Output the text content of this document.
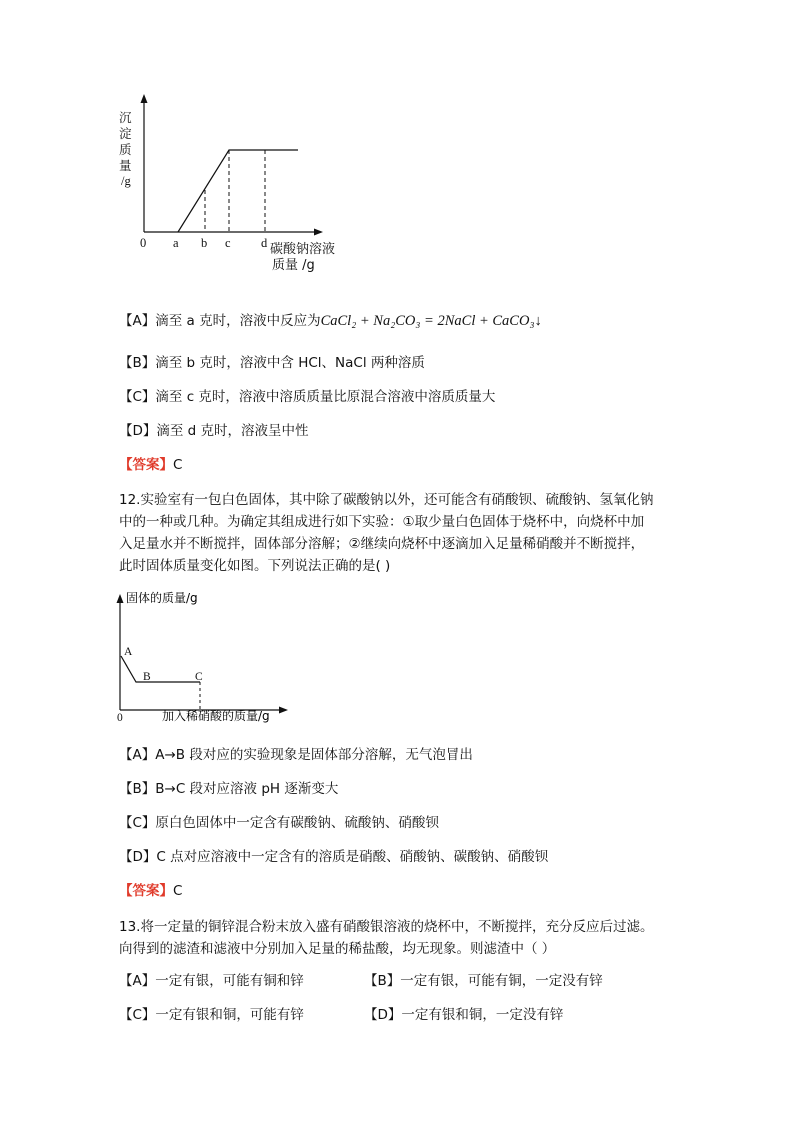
沉
淀
质
量
/g
0 a b c d 碳酸钠溶液
质量 /g
【A】滴至 a 克时，溶液中反应为CaCl₂ + Na₂CO₃ = 2NaCl + CaCO₃↓
【B】滴至 b 克时，溶液中含 HCl、NaCl 两种溶质
【C】滴至 c 克时，溶液中溶质质量比原混合溶液中溶质质量大
【D】滴至 d 克时，溶液呈中性
【答案】C
12.实验室有一包白色固体，其中除了碳酸钠以外，还可能含有硝酸钡、硫酸钠、氢氧化钠
中的一种或几种。为确定其组成进行如下实验：①取少量白色固体于烧杯中，向烧杯中加
入足量水并不断搅拌，固体部分溶解；②继续向烧杯中逐滴加入足量稀硝酸并不断搅拌，
此时固体质量变化如图。下列说法正确的是( )
固体的质量/g
加入稀硝酸的质量/g
0
A
B	C
【A】A→B 段对应的实验现象是固体部分溶解，无气泡冒出
【B】B→C 段对应溶液 pH 逐渐变大
【C】原白色固体中一定含有碳酸钠、硫酸钠、硝酸钡
【D】C 点对应溶液中一定含有的溶质是硝酸、硝酸钠、碳酸钠、硝酸钡
【答案】C
13.将一定量的铜锌混合粉末放入盛有硝酸银溶液的烧杯中，不断搅拌，充分反应后过滤。
向得到的滤渣和滤液中分别加入足量的稀盐酸，均无现象。则滤渣中（ ）
【A】一定有银，可能有铜和锌	【B】一定有银，可能有铜，一定没有锌
【C】一定有银和铜，可能有锌	【D】一定有银和铜，一定没有锌
